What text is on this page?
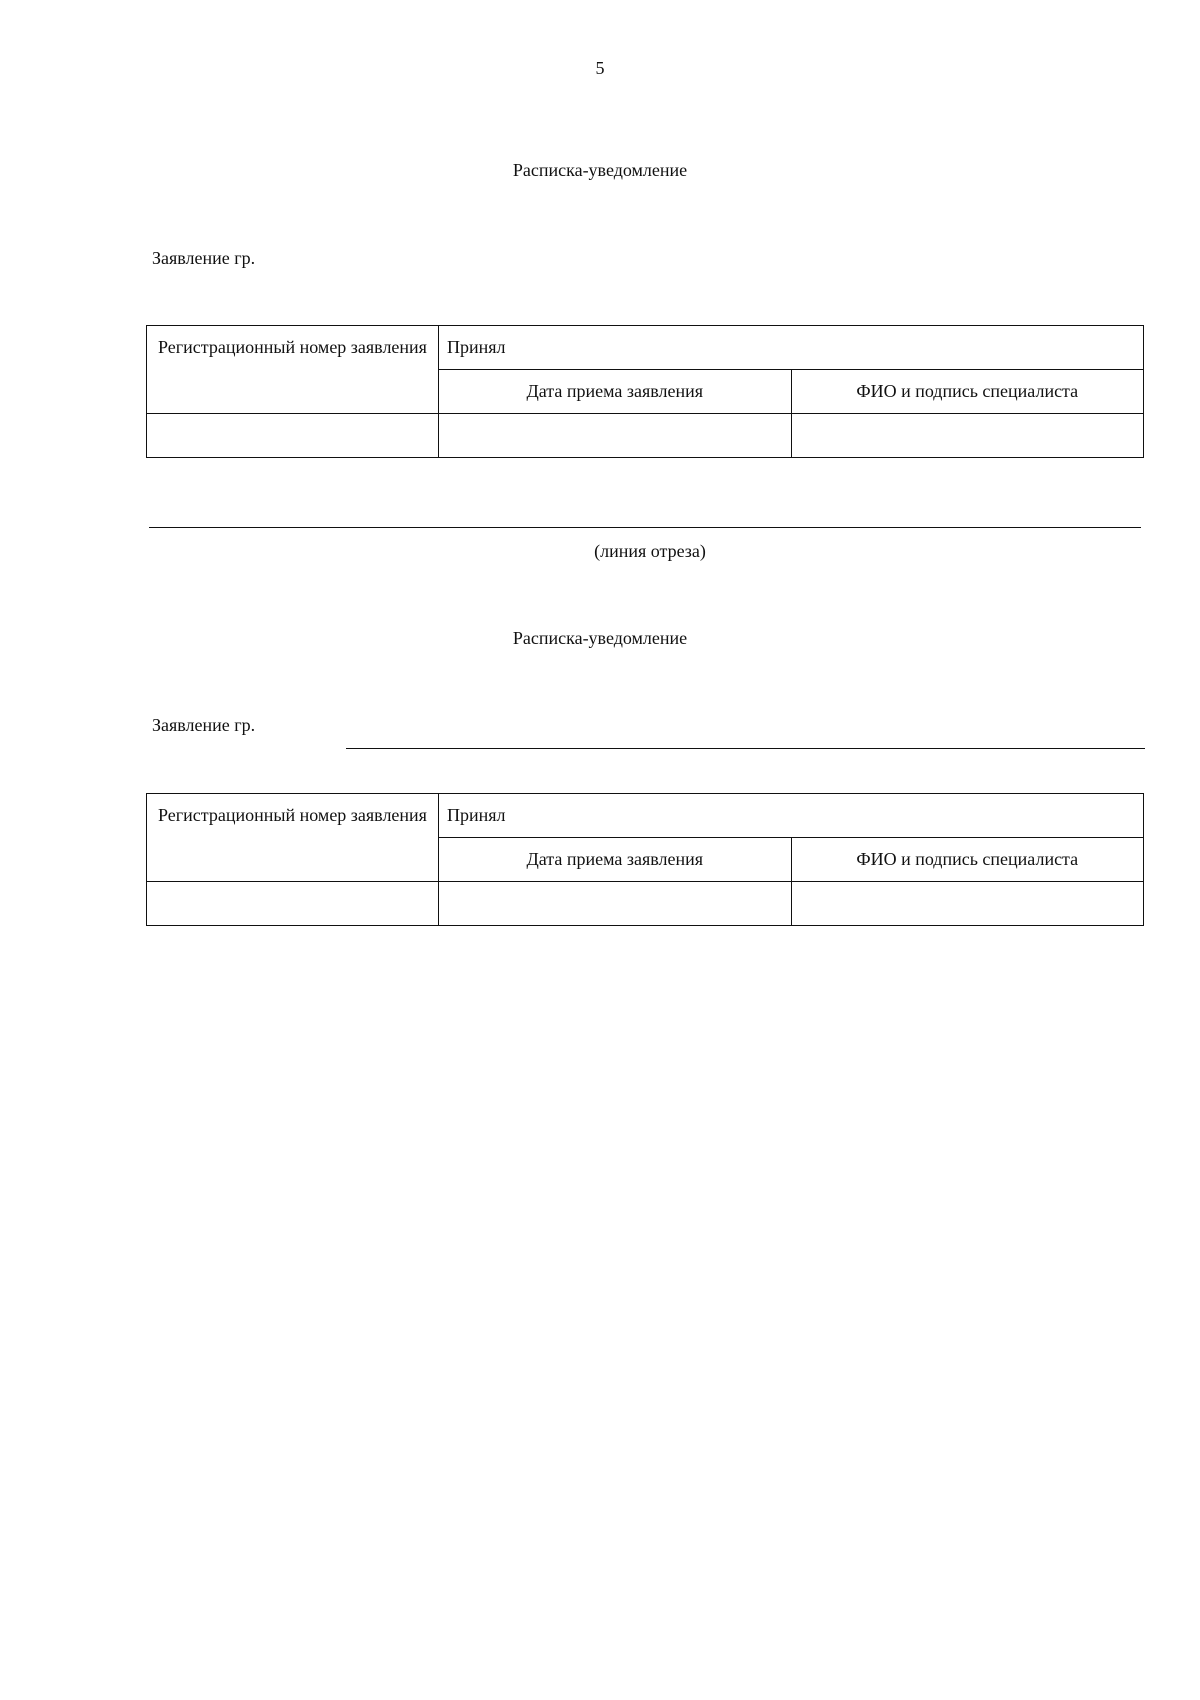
5
Расписка-уведомление
Заявление гр.
Регистрационный номер заявления	Принял	
	Дата приема заявления	ФИО и подпись специалиста

(линия отреза)
Расписка-уведомление
Заявление гр.
Регистрационный номер заявления	Принял	
	Дата приема заявления	ФИО и подпись специалиста
